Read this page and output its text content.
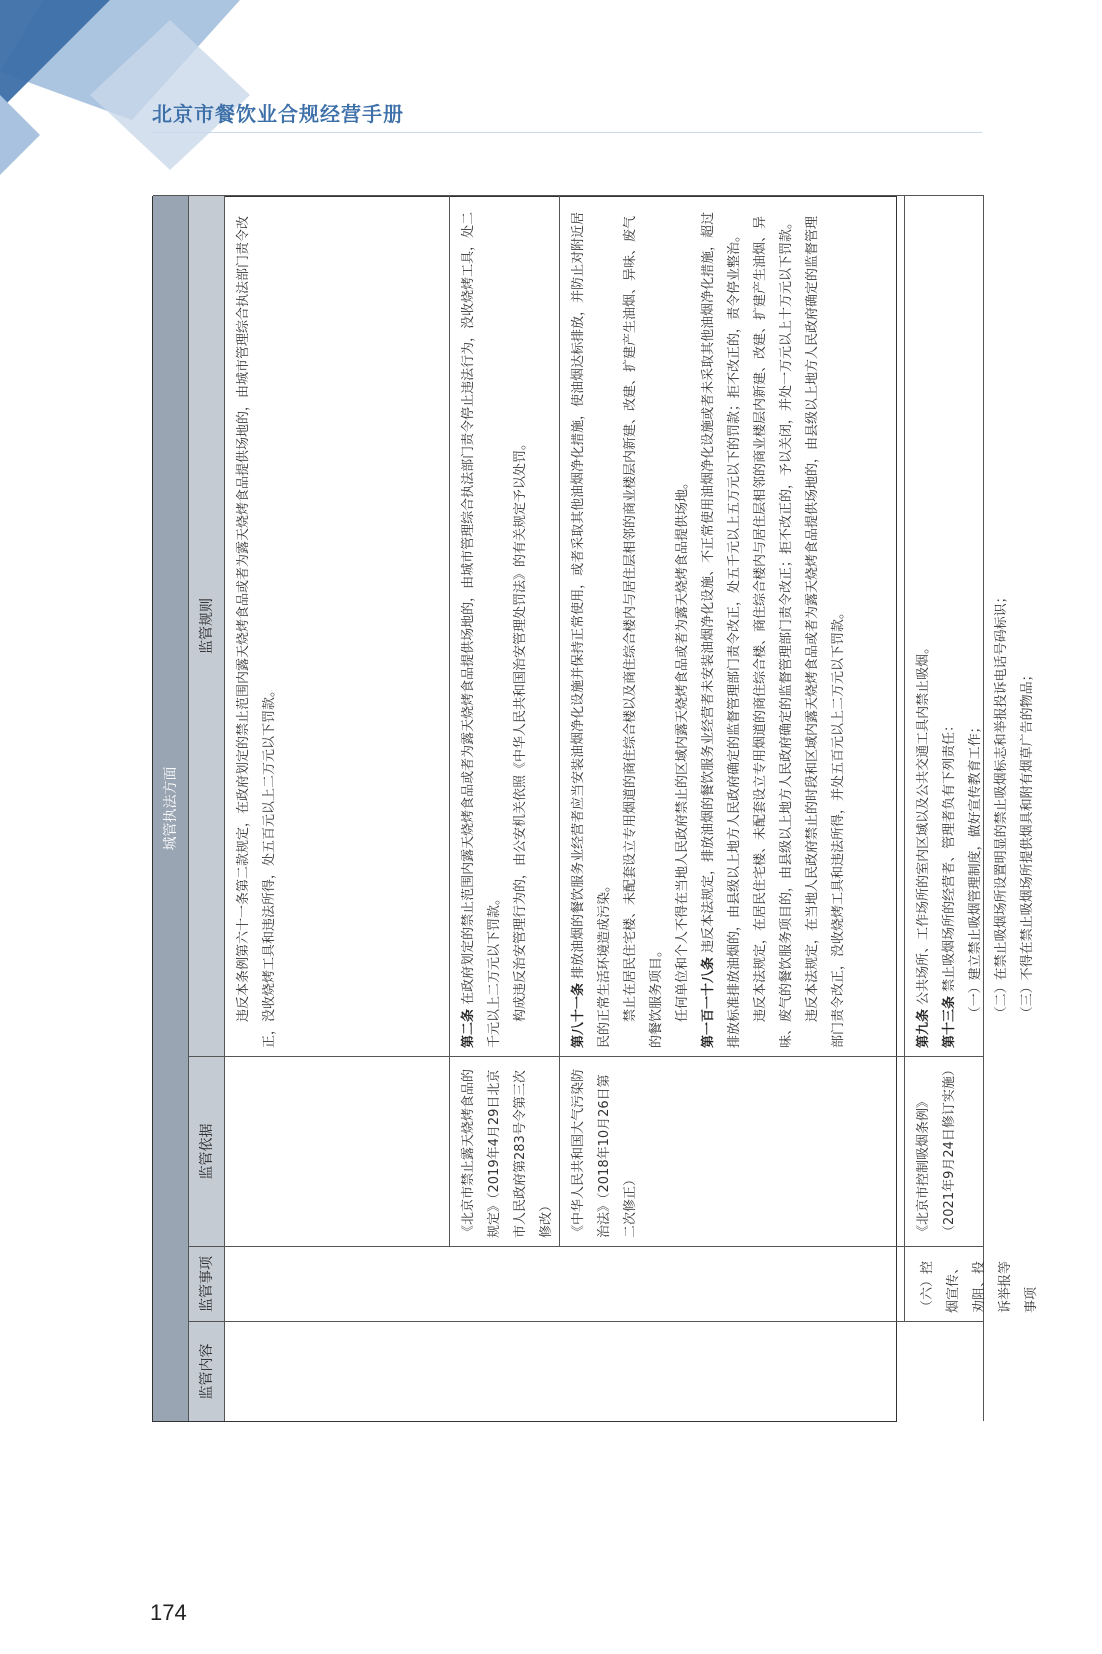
北京市餐饮业合规经营手册
城管执法方面
监管内容
监管事项
监管依据
监管规则
（六）控烟宣传、劝阻、投诉举报等事项

违反本条例第六十一条第二款规定，在政府划定的禁止范围内露天烧烤食品或者为露天烧烤食品提供场地的，由城市管理综合执法部门责令改正，没收烧烤工具和违法所得，处五百元以上二万元以下罚款。

《北京市禁止露天烧烤食品的规定》（2019年4月29日北京市人民政府第283号令第三次修改）

第二条 在政府划定的禁止范围内露天烧烤食品或者为露天烧烤食品提供场地的，由城市管理综合执法部门责令停止违法行为，没收烧烤工具，处二千元以上二万元以下罚款。 构成违反治安管理行为的，由公安机关依照《中华人民共和国治安管理处罚法》的有关规定予以处罚。

《中华人民共和国大气污染防治法》（2018年10月26日第二次修正）

第八十一条 排放油烟的餐饮服务业经营者应当安装油烟净化设施并保持正常使用，或者采取其他油烟净化措施，使油烟达标排放，并防止对附近居民的正常生活环境造成污染。 禁止在居民住宅楼、未配套设立专用烟道的商住综合楼以及商住综合楼内与居住层相邻的商业楼层内新建、改建、扩建产生油烟、异味、废气的餐饮服务项目。 任何单位和个人不得在当地人民政府禁止的区域内露天烧烤食品或者为露天烧烤食品提供场地。 第一百一十八条 违反本法规定，排放油烟的餐饮服务业经营者未安装油烟净化设施、不正常使用油烟净化设施或者未采取其他油烟净化措施，超过排放标准排放油烟的，由县级以上地方人民政府确定的监督管理部门责令改正，处五千元以上五万元以下的罚款；拒不改正的，责令停业整治。 违反本法规定，在居民住宅楼、未配套设立专用烟道的商住综合楼、商住综合楼内与居住层相邻的商业楼层内新建、改建、扩建产生油烟、异味、废气的餐饮服务项目的，由县级以上地方人民政府确定的监督管理部门责令改正；拒不改正的，予以关闭，并处一万元以上十万元以下罚款。 违反本法规定，在当地人民政府禁止的时段和区域内露天烧烤食品或者为露天烧烤食品提供场地的，由县级以上地方人民政府确定的监督管理部门责令改正，没收烧烤工具和违法所得，并处五百元以上二万元以下罚款。

《北京市控制吸烟条例》（2021年9月24日修订实施）

第九条 公共场所、工作场所的室内区域以及公共交通工具内禁止吸烟。

第十三条 禁止吸烟场所的经营者、管理者负有下列责任： （一）建立禁止吸烟管理制度，做好宣传教育工作； （二）在禁止吸烟场所设置明显的禁止吸烟标志和举报投诉电话号码标识； （三）不得在禁止吸烟场所提供烟具和附有烟草广告的物品；

174
